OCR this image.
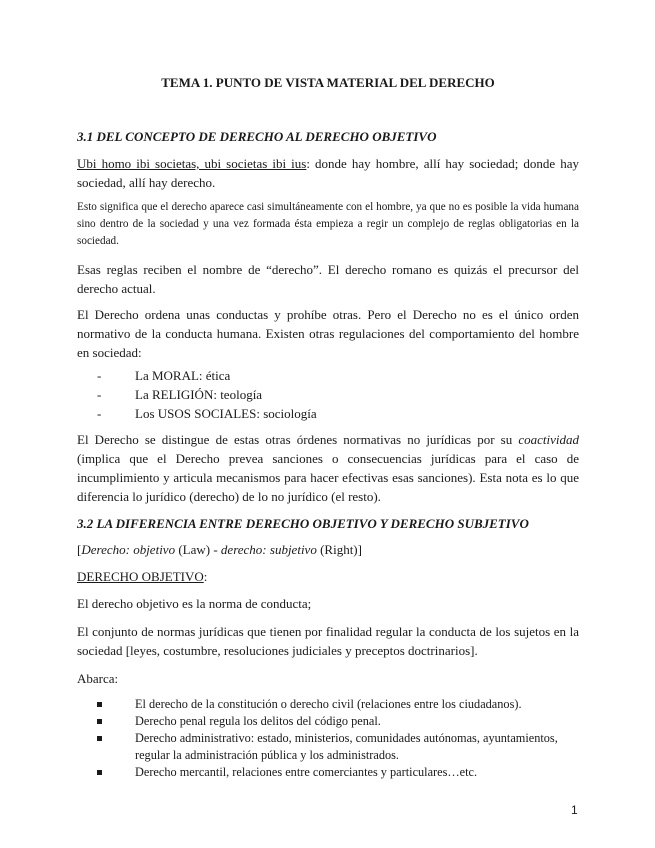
TEMA 1. PUNTO DE VISTA MATERIAL DEL DERECHO
3.1 DEL CONCEPTO DE DERECHO AL DERECHO OBJETIVO
Ubi homo ibi societas, ubi societas ibi ius: donde hay hombre, allí hay sociedad; donde hay sociedad, allí hay derecho.
Esto significa que el derecho aparece casi simultáneamente con el hombre, ya que no es posible la vida humana sino dentro de la sociedad y una vez formada ésta empieza a regir un complejo de reglas obligatorias en la sociedad.
Esas reglas reciben el nombre de “derecho”. El derecho romano es quizás el precursor del derecho actual.
El Derecho ordena unas conductas y prohíbe otras. Pero el Derecho no es el único orden normativo de la conducta humana. Existen otras regulaciones del comportamiento del hombre en sociedad:
-	La MORAL: ética
-	La RELIGIÓN: teología
-	Los USOS SOCIALES: sociología
El Derecho se distingue de estas otras órdenes normativas no jurídicas por su coactividad (implica que el Derecho prevea sanciones o consecuencias jurídicas para el caso de incumplimiento y articula mecanismos para hacer efectivas esas sanciones). Esta nota es lo que diferencia lo jurídico (derecho) de lo no jurídico (el resto).
3.2 LA DIFERENCIA ENTRE DERECHO OBJETIVO Y DERECHO SUBJETIVO
[Derecho: objetivo (Law) - derecho: subjetivo (Right)]
DERECHO OBJETIVO:
El derecho objetivo es la norma de conducta;
El conjunto de normas jurídicas que tienen por finalidad regular la conducta de los sujetos en la sociedad [leyes, costumbre, resoluciones judiciales y preceptos doctrinarios].
Abarca:
El derecho de la constitución o derecho civil (relaciones entre los ciudadanos).
Derecho penal regula los delitos del código penal.
Derecho administrativo: estado, ministerios, comunidades autónomas, ayuntamientos, regular la administración pública y los administrados.
Derecho mercantil, relaciones entre comerciantes y particulares…etc.
1
